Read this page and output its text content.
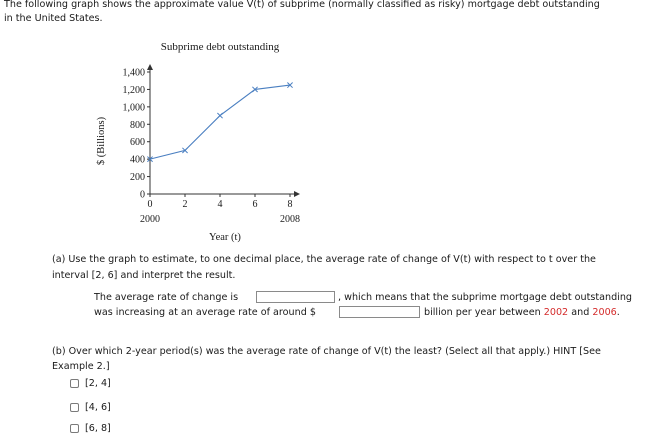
The following graph shows the approximate value V(t) of subprime (normally classified as risky) mortgage debt outstanding
in the United States.
Subprime debt outstanding
0
200
400
600
800
1,000
1,200
1,400
0	2	4	6	8
2000	2008
Year (t)
$ (Billions)
(a) Use the graph to estimate, to one decimal place, the average rate of change of V(t) with respect to t over the
interval [2, 6] and interpret the result.
The average rate of change is	, which means that the subprime mortgage debt outstanding
was increasing at an average rate of around $	billion per year between 2002 and 2006.
(b) Over which 2-year period(s) was the average rate of change of V(t) the least? (Select all that apply.) HINT [See
Example 2.]
[2, 4]
[4, 6]
[6, 8]
